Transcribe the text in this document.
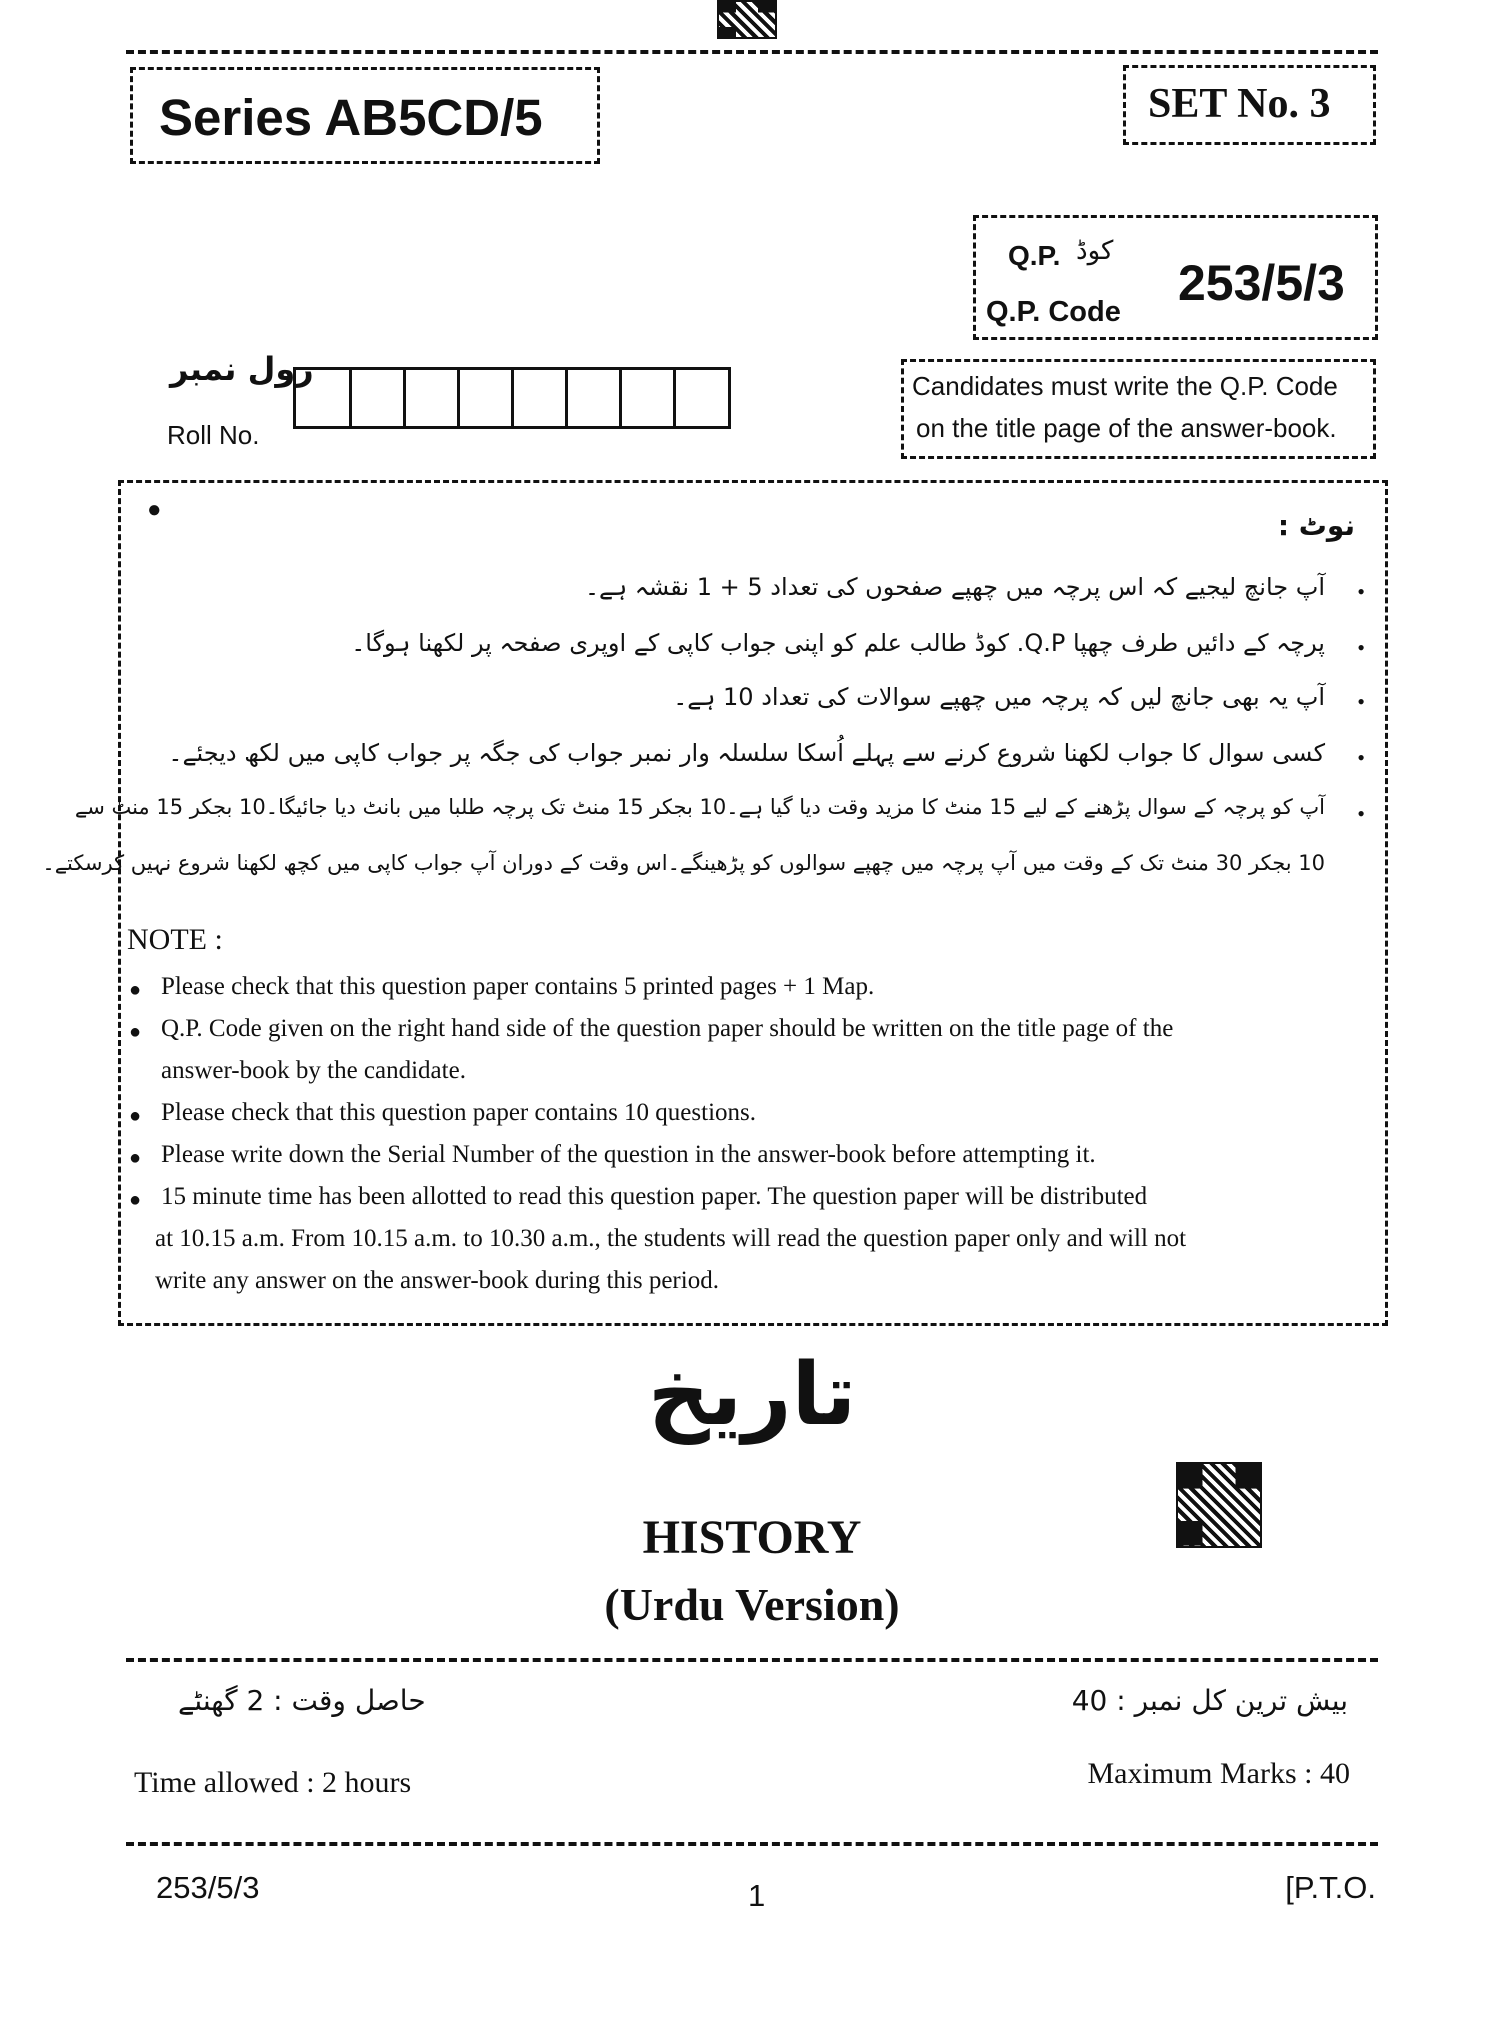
Series AB5CD/5	SET No. 3
Q.P. کوڈ
Q.P. Code
253/5/3
رول نمبر
Roll No.
Candidates must write the Q.P. Code
on the title page of the answer-book.
●	نوٹ :
•
آپ جانچ لیجیے کہ اس پرچہ میں چھپے صفحوں کی تعداد 5 + 1 نقشہ ہے۔
•
پرچہ کے دائیں طرف چھپا Q.P. کوڈ طالب علم کو اپنی جواب کاپی کے اوپری صفحہ پر لکھنا ہوگا۔
•
آپ یہ بھی جانچ لیں کہ پرچہ میں چھپے سوالات کی تعداد 10 ہے۔
•
کسی سوال کا جواب لکھنا شروع کرنے سے پہلے اُسکا سلسلہ وار نمبر جواب کی جگہ پر جواب کاپی میں لکھ دیجئے۔
•
آپ کو پرچہ کے سوال پڑھنے کے لیے 15 منٹ کا مزید وقت دیا گیا ہے۔10 بجکر 15 منٹ تک پرچہ طلبا میں بانٹ دیا جائیگا۔10 بجکر 15 منٹ سے
10 بجکر 30 منٹ تک کے وقت میں آپ پرچہ میں چھپے سوالوں کو پڑھینگے۔اس وقت کے دوران آپ جواب کاپی میں کچھ لکھنا شروع نہیں کرسکتے۔
NOTE :
● Please check that this question paper contains 5 printed pages + 1 Map.
● Q.P. Code given on the right hand side of the question paper should be written on the title page of the
answer-book by the candidate.
● Please check that this question paper contains 10 questions.
● Please write down the Serial Number of the question in the answer-book before attempting it.
● 15 minute time has been allotted to read this question paper. The question paper will be distributed
at 10.15 a.m. From 10.15 a.m. to 10.30 a.m., the students will read the question paper only and will not
write any answer on the answer-book during this period.
تاریخ
HISTORY
(Urdu Version)
حاصل وقت : 2 گھنٹے	بیش ترین کل نمبر : 40
Time allowed : 2 hours	Maximum Marks : 40
253/5/3	1	[P.T.O.
